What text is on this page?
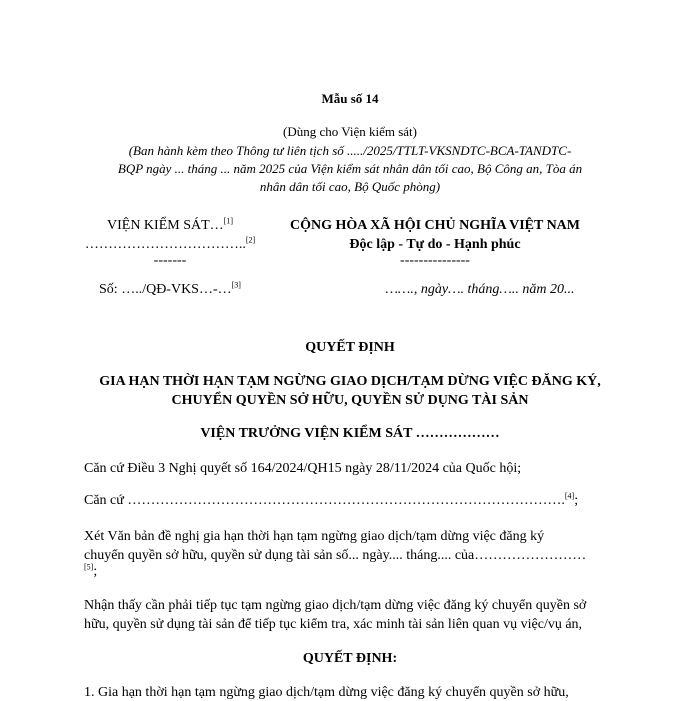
Mẫu số 14
(Dùng cho Viện kiểm sát)
(Ban hành kèm theo Thông tư liên tịch số ...../2025/TTLT-VKSNDTC-BCA-TANDTC-
BQP ngày ... tháng ... năm 2025 của Viện kiểm sát nhân dân tối cao, Bộ Công an, Tòa án
nhân dân tối cao, Bộ Quốc phòng)
VIỆN KIỂM SÁT…[1]
……………………………..[2]
-------
Số: …../QĐ-VKS…-…[3]
CỘNG HÒA XÃ HỘI CHỦ NGHĨA VIỆT NAM
Độc lập - Tự do - Hạnh phúc
---------------
……., ngày…. tháng….. năm 20...
QUYẾT ĐỊNH
GIA HẠN THỜI HẠN TẠM NGỪNG GIAO DỊCH/TẠM DỪNG VIỆC ĐĂNG KÝ,
CHUYỂN QUYỀN SỞ HỮU, QUYỀN SỬ DỤNG TÀI SẢN
VIỆN TRƯỞNG VIỆN KIỂM SÁT ………………
Căn cứ Điều 3 Nghị quyết số 164/2024/QH15 ngày 28/11/2024 của Quốc hội;
Căn cứ ………………………………………………………………………………….[4];
Xét Văn bản đề nghị gia hạn thời hạn tạm ngừng giao dịch/tạm dừng việc đăng ký
chuyển quyền sở hữu, quyền sử dụng tài sản số... ngày.... tháng.... của……………………
[5];
Nhận thấy cần phải tiếp tục tạm ngừng giao dịch/tạm dừng việc đăng ký chuyển quyền sở
hữu, quyền sử dụng tài sản để tiếp tục kiểm tra, xác minh tài sản liên quan vụ việc/vụ án,
QUYẾT ĐỊNH:
1. Gia hạn thời hạn tạm ngừng giao dịch/tạm dừng việc đăng ký chuyển quyền sở hữu,
